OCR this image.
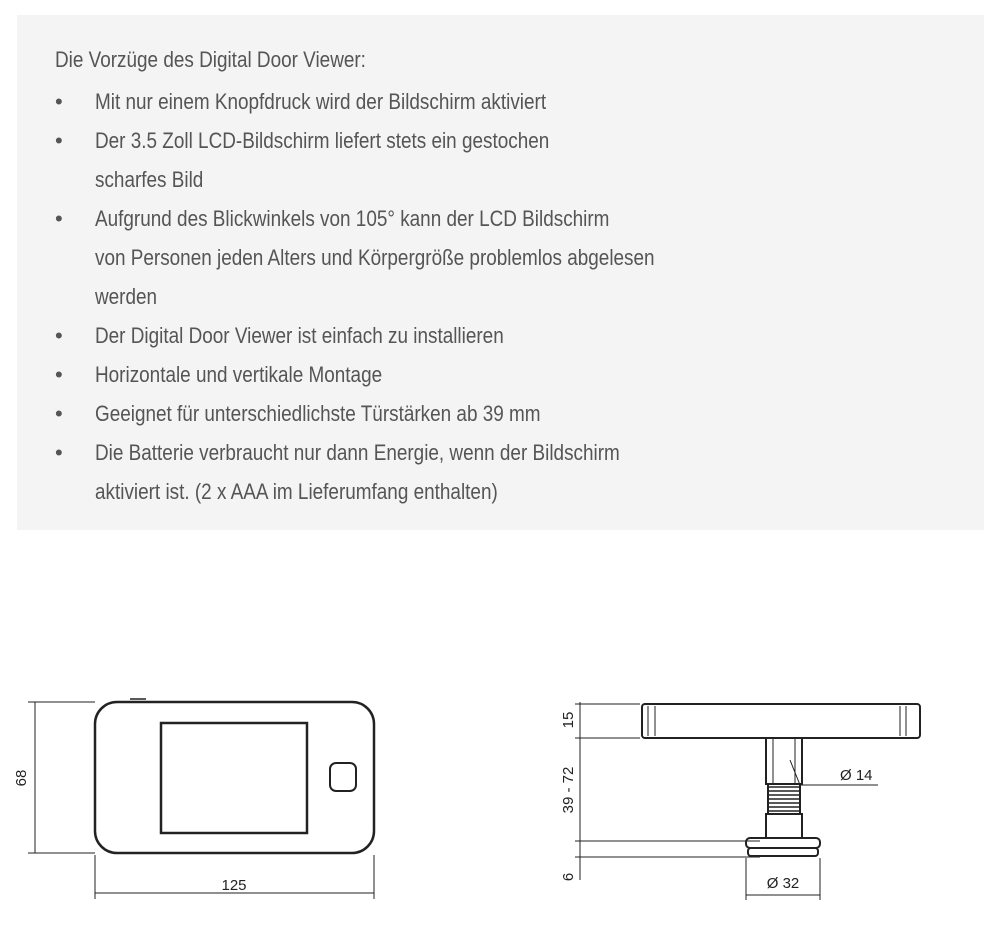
Die Vorzüge des Digital Door Viewer:
• Mit nur einem Knopfdruck wird der Bildschirm aktiviert
• Der 3.5 Zoll LCD-Bildschirm liefert stets ein gestochen
scharfes Bild
• Aufgrund des Blickwinkels von 105° kann der LCD Bildschirm
von Personen jeden Alters und Körpergröße problemlos abgelesen
werden
• Der Digital Door Viewer ist einfach zu installieren
• Horizontale und vertikale Montage
• Geeignet für unterschiedlichste Türstärken ab 39 mm
• Die Batterie verbraucht nur dann Energie, wenn der Bildschirm
aktiviert ist. (2 x AAA im Lieferumfang enthalten)
68
125
15
39 - 72
6
Ø 14
Ø 32
